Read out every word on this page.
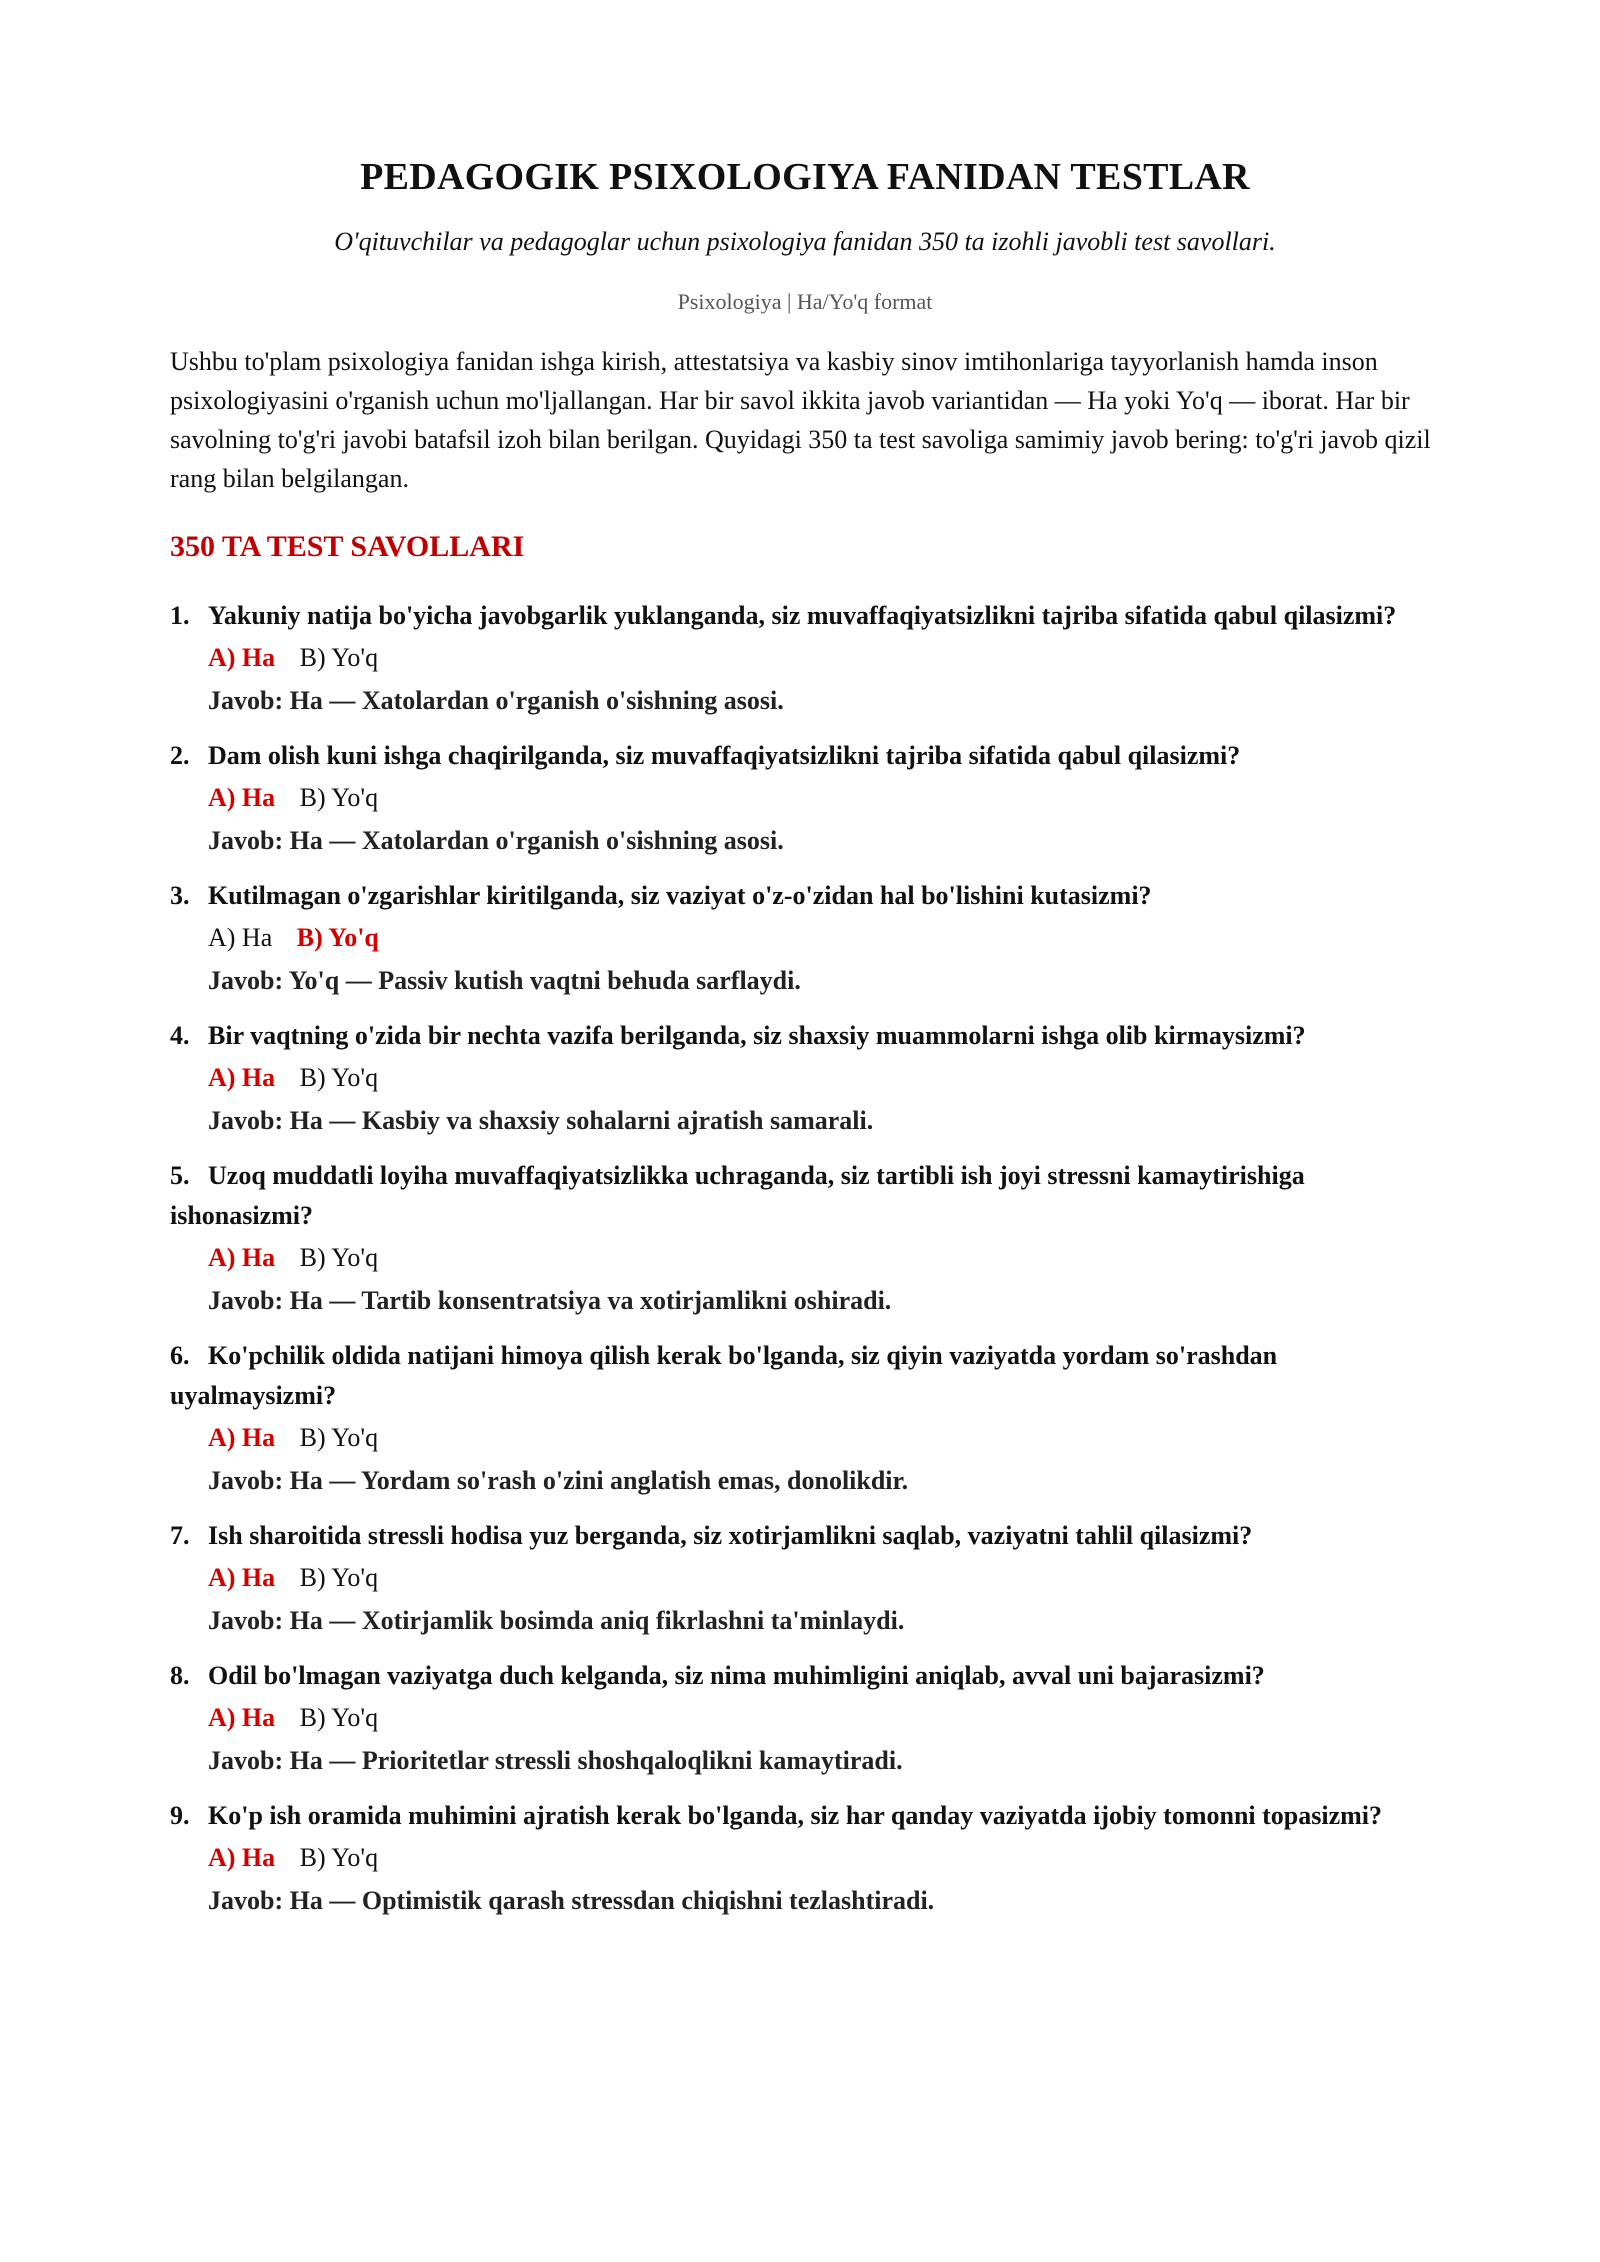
PEDAGOGIK PSIXOLOGIYA FANIDAN TESTLAR

O'qituvchilar va pedagoglar uchun psixologiya fanidan 350 ta izohli javobli test savollari.

Psixologiya | Ha/Yo'q format

Ushbu to'plam psixologiya fanidan ishga kirish, attestatsiya va kasbiy sinov imtihonlariga tayyorlanish hamda inson psixologiyasini o'rganish uchun mo'ljallangan. Har bir savol ikkita javob variantidan — Ha yoki Yo'q — iborat. Har bir savolning to'g'ri javobi batafsil izoh bilan berilgan. Quyidagi 350 ta test savoliga samimiy javob bering: to'g'ri javob qizil rang bilan belgilangan.

350 TA TEST SAVOLLARI

1. Yakuniy natija bo'yicha javobgarlik yuklanganda, siz muvaffaqiyatsizlikni tajriba sifatida qabul qilasizmi?

A) Ha B) Yo'q
Javob: Ha — Xatolardan o'rganish o'sishning asosi.

2. Dam olish kuni ishga chaqirilganda, siz muvaffaqiyatsizlikni tajriba sifatida qabul qilasizmi?

A) Ha B) Yo'q
Javob: Ha — Xatolardan o'rganish o'sishning asosi.

3. Kutilmagan o'zgarishlar kiritilganda, siz vaziyat o'z-o'zidan hal bo'lishini kutasizmi?

A) Ha B) Yo'q
Javob: Yo'q — Passiv kutish vaqtni behuda sarflaydi.

4. Bir vaqtning o'zida bir nechta vazifa berilganda, siz shaxsiy muammolarni ishga olib kirmaysizmi?

A) Ha B) Yo'q
Javob: Ha — Kasbiy va shaxsiy sohalarni ajratish samarali.

5. Uzoq muddatli loyiha muvaffaqiyatsizlikka uchraganda, siz tartibli ish joyi stressni kamaytirishiga ishonasizmi?

A) Ha B) Yo'q
Javob: Ha — Tartib konsentratsiya va xotirjamlikni oshiradi.

6. Ko'pchilik oldida natijani himoya qilish kerak bo'lganda, siz qiyin vaziyatda yordam so'rashdan uyalmaysizmi?

A) Ha B) Yo'q
Javob: Ha — Yordam so'rash o'zini anglatish emas, donolikdir.

7. Ish sharoitida stressli hodisa yuz berganda, siz xotirjamlikni saqlab, vaziyatni tahlil qilasizmi?

A) Ha B) Yo'q
Javob: Ha — Xotirjamlik bosimda aniq fikrlashni ta'minlaydi.

8. Odil bo'lmagan vaziyatga duch kelganda, siz nima muhimligini aniqlab, avval uni bajarasizmi?

A) Ha B) Yo'q
Javob: Ha — Prioritetlar stressli shoshqaloqlikni kamaytiradi.

9. Ko'p ish oramida muhimini ajratish kerak bo'lganda, siz har qanday vaziyatda ijobiy tomonni topasizmi?

A) Ha B) Yo'q
Javob: Ha — Optimistik qarash stressdan chiqishni tezlashtiradi.
